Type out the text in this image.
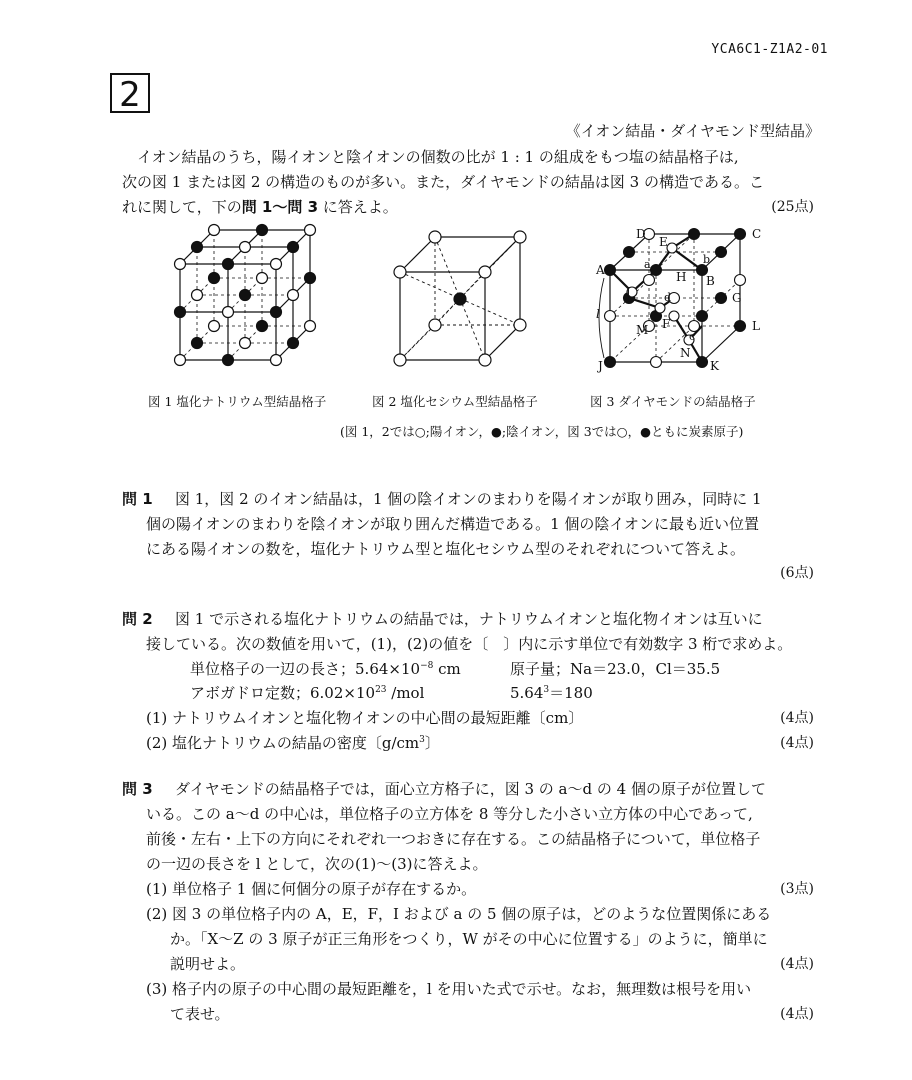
YCA6C1-Z1A2-01
2
《イオン結晶・ダイヤモンド型結晶》
　イオン結晶のうち，陽イオンと陰イオンの個数の比が 1 : 1 の組成をもつ塩の結晶格子は,
次の図 1 または図 2 の構造のものが多い。また，ダイヤモンドの結晶は図 3 の構造である。こ
れに関して，下の問 1〜問 3 に答えよ。	(25点)
D
E
C
A	a	b
H B
I	d	G
F
M	c
L
N
J	K
l
図 1 塩化ナトリウム型結晶格子	図 2 塩化セシウム型結晶格子	図 3 ダイヤモンドの結晶格子
(図 1，2では○;陽イオン，●;陰イオン，図 3では○，●ともに炭素原子)
問 1 　図 1，図 2 のイオン結晶は，1 個の陰イオンのまわりを陽イオンが取り囲み，同時に 1
個の陽イオンのまわりを陰イオンが取り囲んだ構造である。1 個の陰イオンに最も近い位置
にある陽イオンの数を，塩化ナトリウム型と塩化セシウム型のそれぞれについて答えよ。
(6点)
問 2 　図 1 で示される塩化ナトリウムの結晶では，ナトリウムイオンと塩化物イオンは互いに
接している。次の数値を用いて，(1)，(2)の値を〔　〕内に示す単位で有効数字 3 桁で求めよ。
単位格子の一辺の長さ；$5.64\times 10^{-8}$ cm	原子量；Na＝23.0，Cl＝35.5
アボガドロ定数；$6.02\times 10^{23}$ /mol	$5.64^3=180$
(1) ナトリウムイオンと塩化物イオンの中心間の最短距離〔cm〕	(4点)
(2) 塩化ナトリウムの結晶の密度〔$g/cm^3$〕	(4点)
問 3 　ダイヤモンドの結晶格子では，面心立方格子に，図 3 の a〜d の 4 個の原子が位置して
いる。この a〜d の中心は，単位格子の立方体を 8 等分した小さい立方体の中心であって,
前後・左右・上下の方向にそれぞれ一つおきに存在する。この結晶格子について，単位格子
の一辺の長さを l として，次の(1)〜(3)に答えよ。
(1) 単位格子 1 個に何個分の原子が存在するか。	(3点)
(2) 図 3 の単位格子内の A，E，F，I および a の 5 個の原子は，どのような位置関係にある
か。「X〜Z の 3 原子が正三角形をつくり，W がその中心に位置する」のように，簡単に
説明せよ。	(4点)
(3) 格子内の原子の中心間の最短距離を，l を用いた式で示せ。なお，無理数は根号を用い
て表せ。	(4点)
